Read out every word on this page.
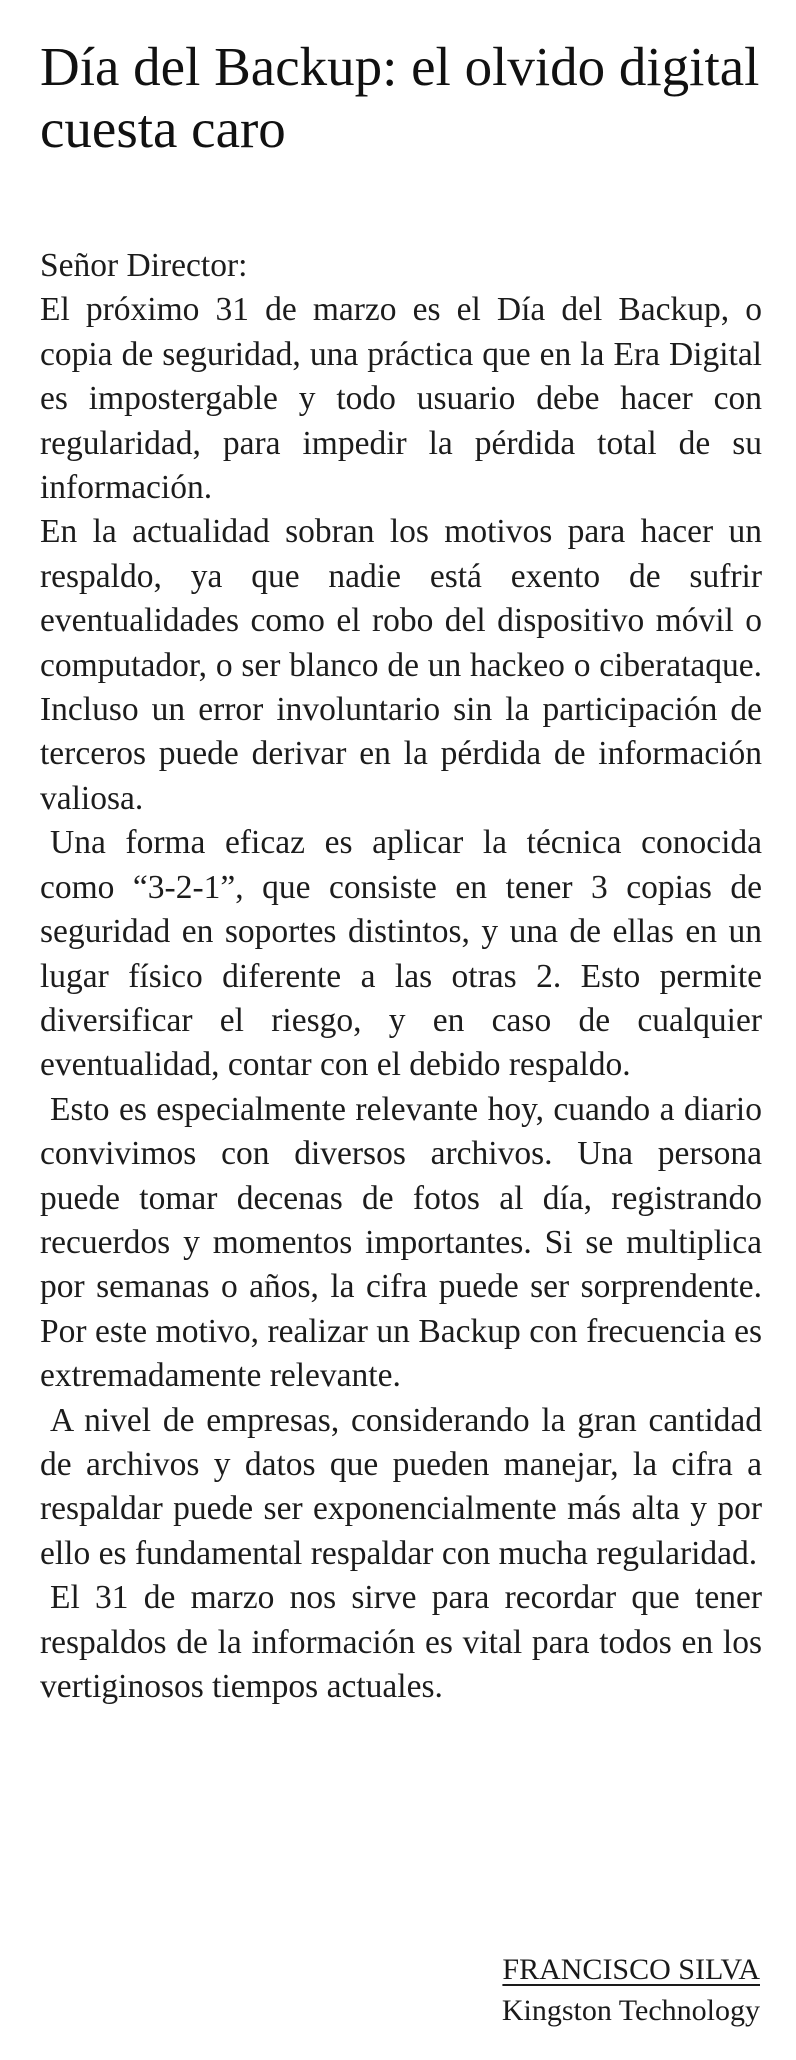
Día del Backup: el olvido digital cuesta caro

Señor Director:

El próximo 31 de marzo es el Día del Backup, o copia de seguridad, una práctica que en la Era Digital es impostergable y todo usuario debe hacer con regularidad, para impedir la pérdida total de su información.

En la actualidad sobran los motivos para hacer un respaldo, ya que nadie está exento de sufrir eventualidades como el robo del dispositivo móvil o computador, o ser blanco de un hackeo o ciberataque. Incluso un error involuntario sin la participación de terceros puede derivar en la pérdida de información valiosa.

Una forma eficaz es aplicar la técnica conocida como “3-2-1”, que consiste en tener 3 copias de seguridad en soportes distintos, y una de ellas en un lugar físico diferente a las otras 2. Esto permite diversificar el riesgo, y en caso de cualquier eventualidad, contar con el debido respaldo.

Esto es especialmente relevante hoy, cuando a diario convivimos con diversos archivos. Una persona puede tomar decenas de fotos al día, registrando recuerdos y momentos importantes. Si se multiplica por semanas o años, la cifra puede ser sorprendente. Por este motivo, realizar un Backup con frecuencia es extremadamente relevante.

A nivel de empresas, considerando la gran cantidad de archivos y datos que pueden manejar, la cifra a respaldar puede ser exponencialmente más alta y por ello es fundamental respaldar con mucha regularidad.

El 31 de marzo nos sirve para recordar que tener respaldos de la información es vital para todos en los vertiginosos tiempos actuales.

FRANCISCO SILVA
Kingston Technology
